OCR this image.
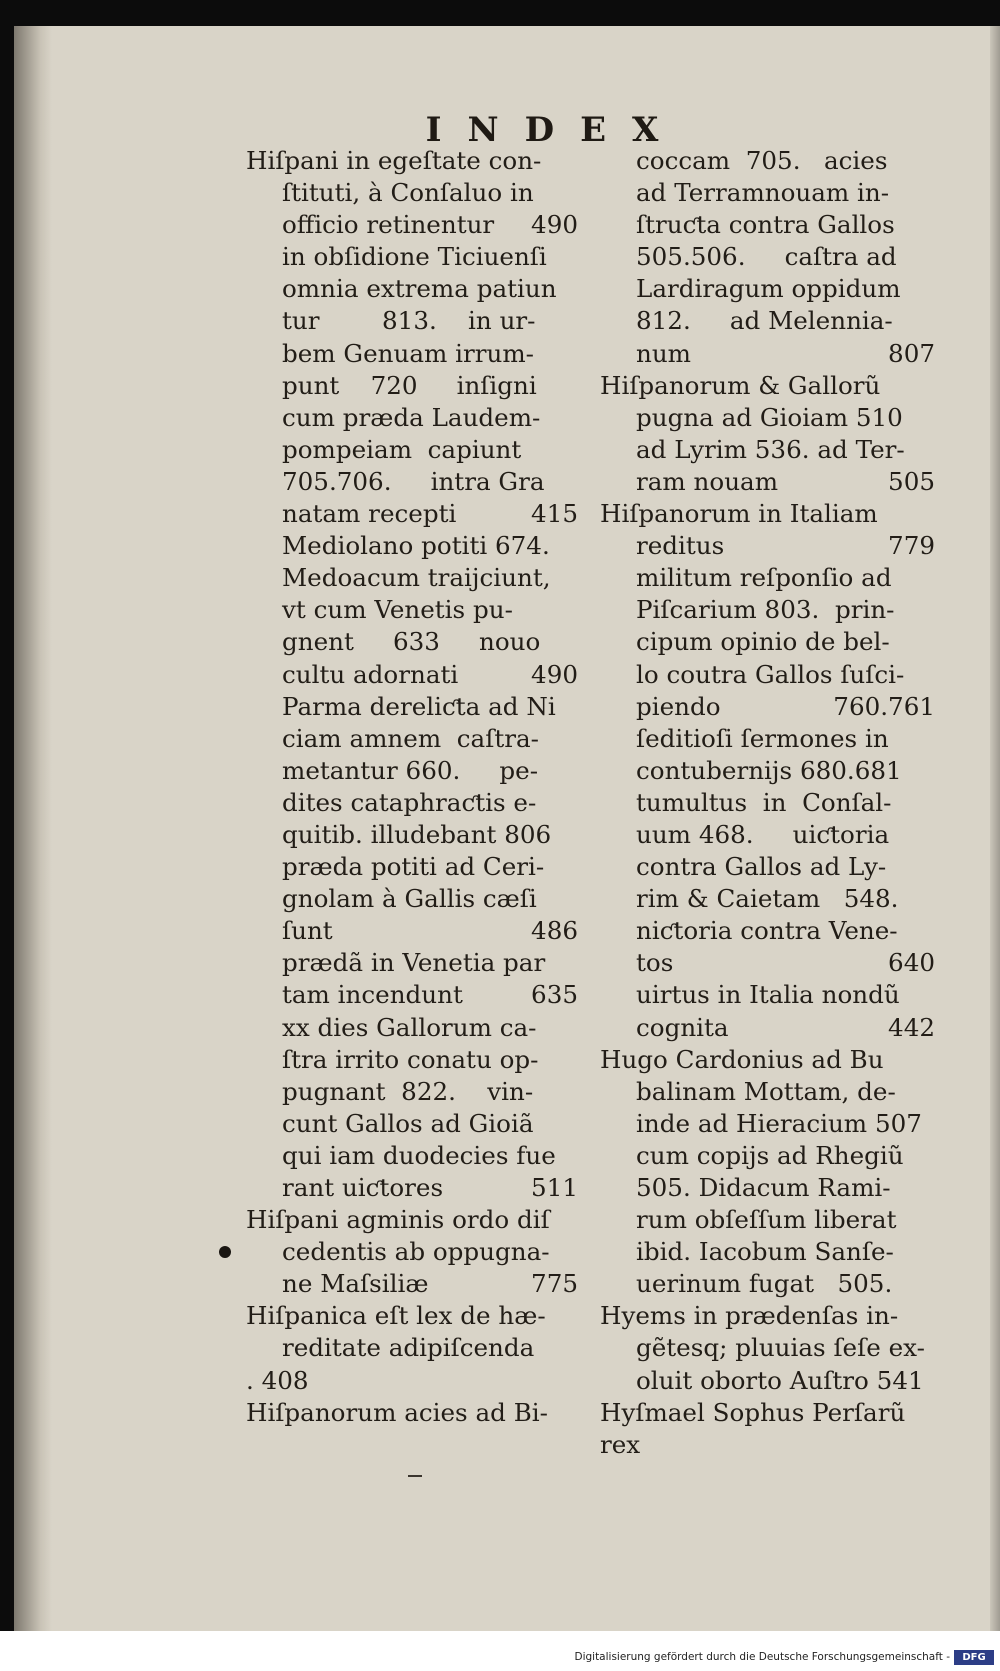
INDEX
Hiſpani in egeſtate con-
ſtituti, à Conſaluo in
officio retinentur 490
in obſidione Ticiuenſi
omnia extrema patiun
tur        813.    in ur-
bem Genuam irrum-
punt    720     inſigni
cum præda Laudem-
pompeiam  capiunt
705.706.     intra Gra
natam recepti	415
Mediolano potiti 674.
Medoacum traijciunt,
vt cum Venetis pu-
gnent     633     nouo
cultu adornati	490
Parma dereliƈta ad Ni
ciam amnem  caſtra-
metantur 660.     pe-
dites cataphraƈtis e-
quitib. illudebant 806
præda potiti ad Ceri-
gnolam à Gallis cæſi
ſunt	486
prædã in Venetia par
tam incendunt	635
xx dies Gallorum ca-
ſtra irrito conatu op-
pugnant  822.    vin-
cunt Gallos ad Gioiã
qui iam duodecies fue
rant uiƈtores	511
Hiſpani agminis ordo diſ
cedentis ab oppugna-
ne Maſsiliæ	775
Hiſpanica eſt lex de hæ-
reditate adipiſcenda
. 408
Hiſpanorum acies ad Bi-
coccam  705.   acies
ad Terramnouam in-
ſtruƈta contra Gallos
505.506.     caſtra ad
Lardiragum oppidum
812.     ad Melennia-
num	807
Hiſpanorum & Gallorũ
pugna ad Gioiam 510
ad Lyrim 536. ad Ter-
ram nouam	505
Hiſpanorum in Italiam
reditus	779
militum reſponſio ad
Piſcarium 803.  prin-
cipum opinio de bel-
lo coutra Gallos ſuſci-
piendo	760.761
ſeditioſi ſermones in
contubernijs 680.681
tumultus  in  Conſal-
uum 468.     uiƈtoria
contra Gallos ad Ly-
rim & Caietam   548.
niƈtoria contra Vene-
tos	640
uirtus in Italia nondũ
cognita	442
Hugo Cardonius ad Bu
balinam Mottam, de-
inde ad Hieracium 507
cum copijs ad Rhegiũ
505. Didacum Rami-
rum obſeſſum liberat
ibid. Iacobum Sanſe-
uerinum fugat   505.
Hyems in prædenſas in-
gẽtesq; pluuias ſeſe ex-
oluit oborto Auſtro 541
Hyſmael Sophus Perſarũ
rex
Digitalisierung gefördert durch die Deutsche Forschungsgemeinschaft -	DFG
